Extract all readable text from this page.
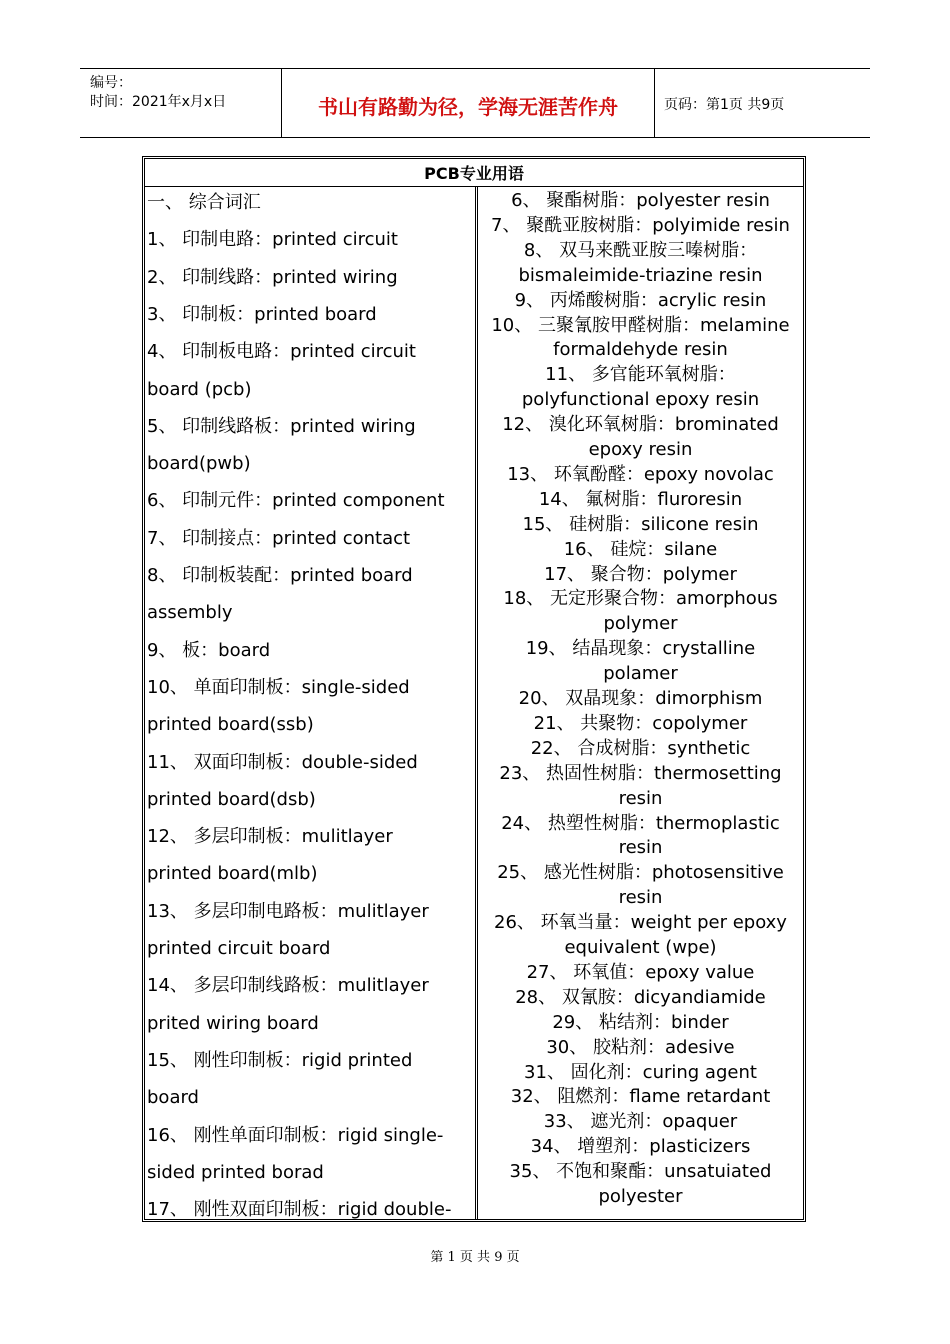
编号：
时间：2021年x月x日	书山有路勤为径，学海无涯苦作舟	页码：第1页 共9页
PCB专业用语
一、 综合词汇
1、 印制电路：printed circuit
2、 印制线路：printed wiring
3、 印制板：printed board
4、 印制板电路：printed circuit
board (pcb)
5、 印制线路板：printed wiring
board(pwb)
6、 印制元件：printed component
7、 印制接点：printed contact
8、 印制板装配：printed board
assembly
9、 板：board
10、 单面印制板：single-sided
printed board(ssb)
11、 双面印制板：double-sided
printed board(dsb)
12、 多层印制板：mulitlayer
printed board(mlb)
13、 多层印制电路板：mulitlayer
printed circuit board
14、 多层印制线路板：mulitlayer
prited wiring board
15、 刚性印制板：rigid printed
board
16、 刚性单面印制板：rigid single-
sided printed borad
17、 刚性双面印制板：rigid double-
6、 聚酯树脂：polyester resin
7、 聚酰亚胺树脂：polyimide resin
8、 双马来酰亚胺三嗪树脂：
bismaleimide-triazine resin
9、 丙烯酸树脂：acrylic resin
10、 三聚氰胺甲醛树脂：melamine
formaldehyde resin
11、 多官能环氧树脂：
polyfunctional epoxy resin
12、 溴化环氧树脂：brominated
epoxy resin
13、 环氧酚醛：epoxy novolac
14、 氟树脂：fluroresin
15、 硅树脂：silicone resin
16、 硅烷：silane
17、 聚合物：polymer
18、 无定形聚合物：amorphous
polymer
19、 结晶现象：crystalline
polamer
20、 双晶现象：dimorphism
21、 共聚物：copolymer
22、 合成树脂：synthetic
23、 热固性树脂：thermosetting
resin
24、 热塑性树脂：thermoplastic
resin
25、 感光性树脂：photosensitive
resin
26、 环氧当量：weight per epoxy
equivalent (wpe)
27、 环氧值：epoxy value
28、 双氰胺：dicyandiamide
29、 粘结剂：binder
30、 胶粘剂：adesive
31、 固化剂：curing agent
32、 阻燃剂：flame retardant
33、 遮光剂：opaquer
34、 增塑剂：plasticizers
35、 不饱和聚酯：unsatuiated
polyester
第 1 页 共 9 页
